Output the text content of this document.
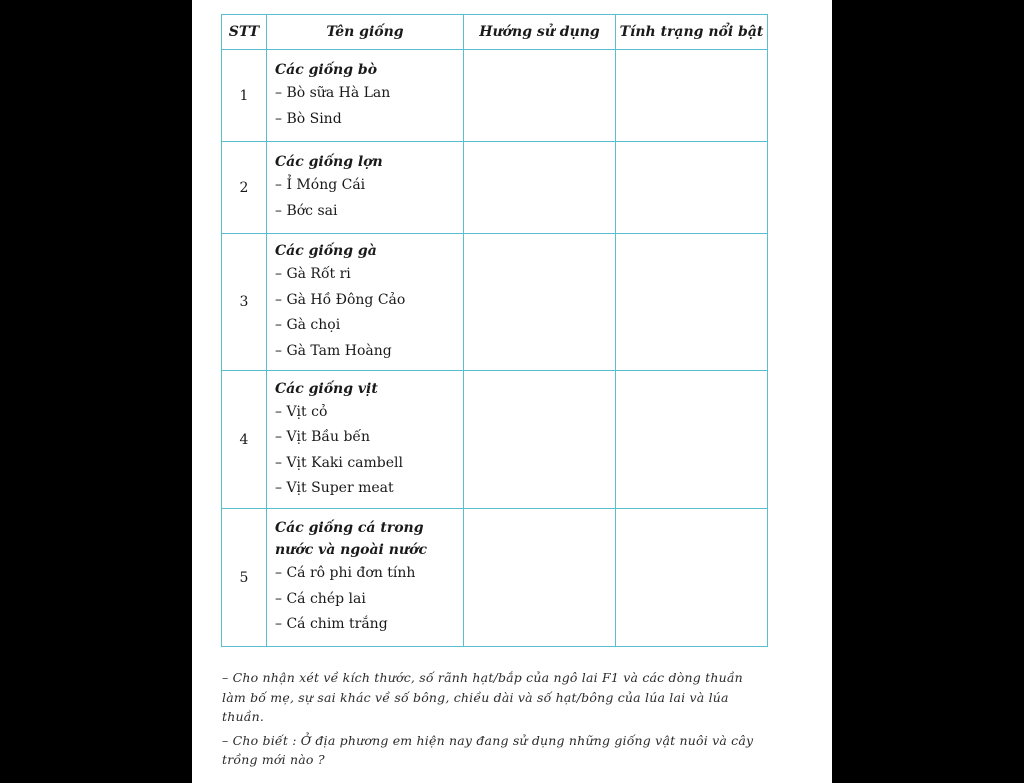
STT	Tên giống	Hướng sử dụng	Tính trạng nổi bật
1	Các giống bò
– Bò sữa Hà Lan
– Bò Sind		

2	Các giống lợn
– Ỉ Móng Cái
– Bớc sai		

3	Các giống gà
– Gà Rốt ri
– Gà Hồ Đông Cảo
– Gà chọi
– Gà Tam Hoàng		

4	Các giống vịt
– Vịt cỏ
– Vịt Bầu bến
– Vịt Kaki cambell
– Vịt Super meat		

5	Các giống cá trong nước và ngoài nước
– Cá rô phi đơn tính
– Cá chép lai
– Cá chim trắng		

– Cho nhận xét về kích thước, số rãnh hạt/bắp của ngô lai F1 và các dòng thuần làm bố mẹ, sự sai khác về số bông, chiều dài và số hạt/bông của lúa lai và lúa thuần.

– Cho biết : Ở địa phương em hiện nay đang sử dụng những giống vật nuôi và cây trồng mới nào ?
